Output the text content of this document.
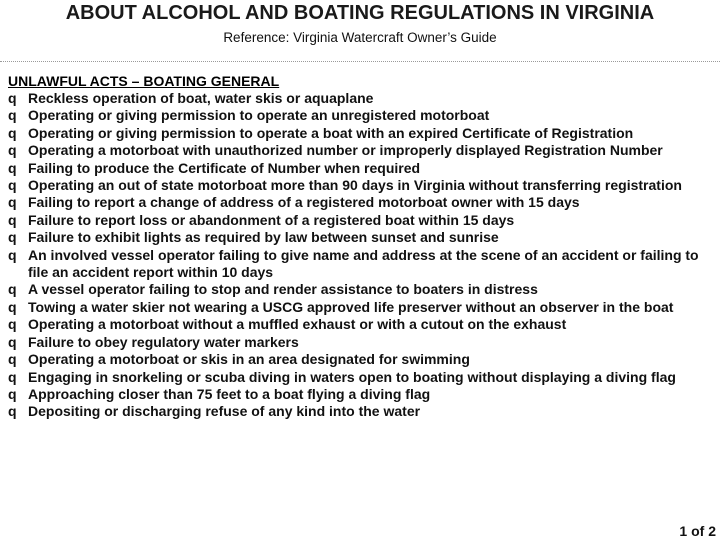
ABOUT ALCOHOL AND BOATING REGULATIONS IN VIRGINIA
Reference: Virginia Watercraft Owner’s Guide
UNLAWFUL ACTS – BOATING GENERAL
q Reckless operation of boat, water skis or aquaplane
q Operating or giving permission to operate an unregistered motorboat
q Operating or giving permission to operate a boat with an expired Certificate of Registration
q Operating a motorboat with unauthorized number or improperly displayed Registration Number
q Failing to produce the Certificate of Number when required
q Operating an out of state motorboat more than 90 days in Virginia without transferring registration
q Failing to report a change of address of a registered motorboat owner with 15 days
q Failure to report loss or abandonment of a registered boat within 15 days
q Failure to exhibit lights as required by law between sunset and sunrise
q An involved vessel operator failing to give name and address at the scene of an accident or failing to file an accident report within 10 days
q A vessel operator failing to stop and render assistance to boaters in distress
q Towing a water skier not wearing a USCG approved life preserver without an observer in the boat
q Operating a motorboat without a muffled exhaust or with a cutout on the exhaust
q Failure to obey regulatory water markers
q Operating a motorboat or skis in an area designated for swimming
q Engaging in snorkeling or scuba diving in waters open to boating without displaying a diving flag
q Approaching closer than 75 feet to a boat flying a diving flag
q Depositing or discharging refuse of any kind into the water
1 of 2
